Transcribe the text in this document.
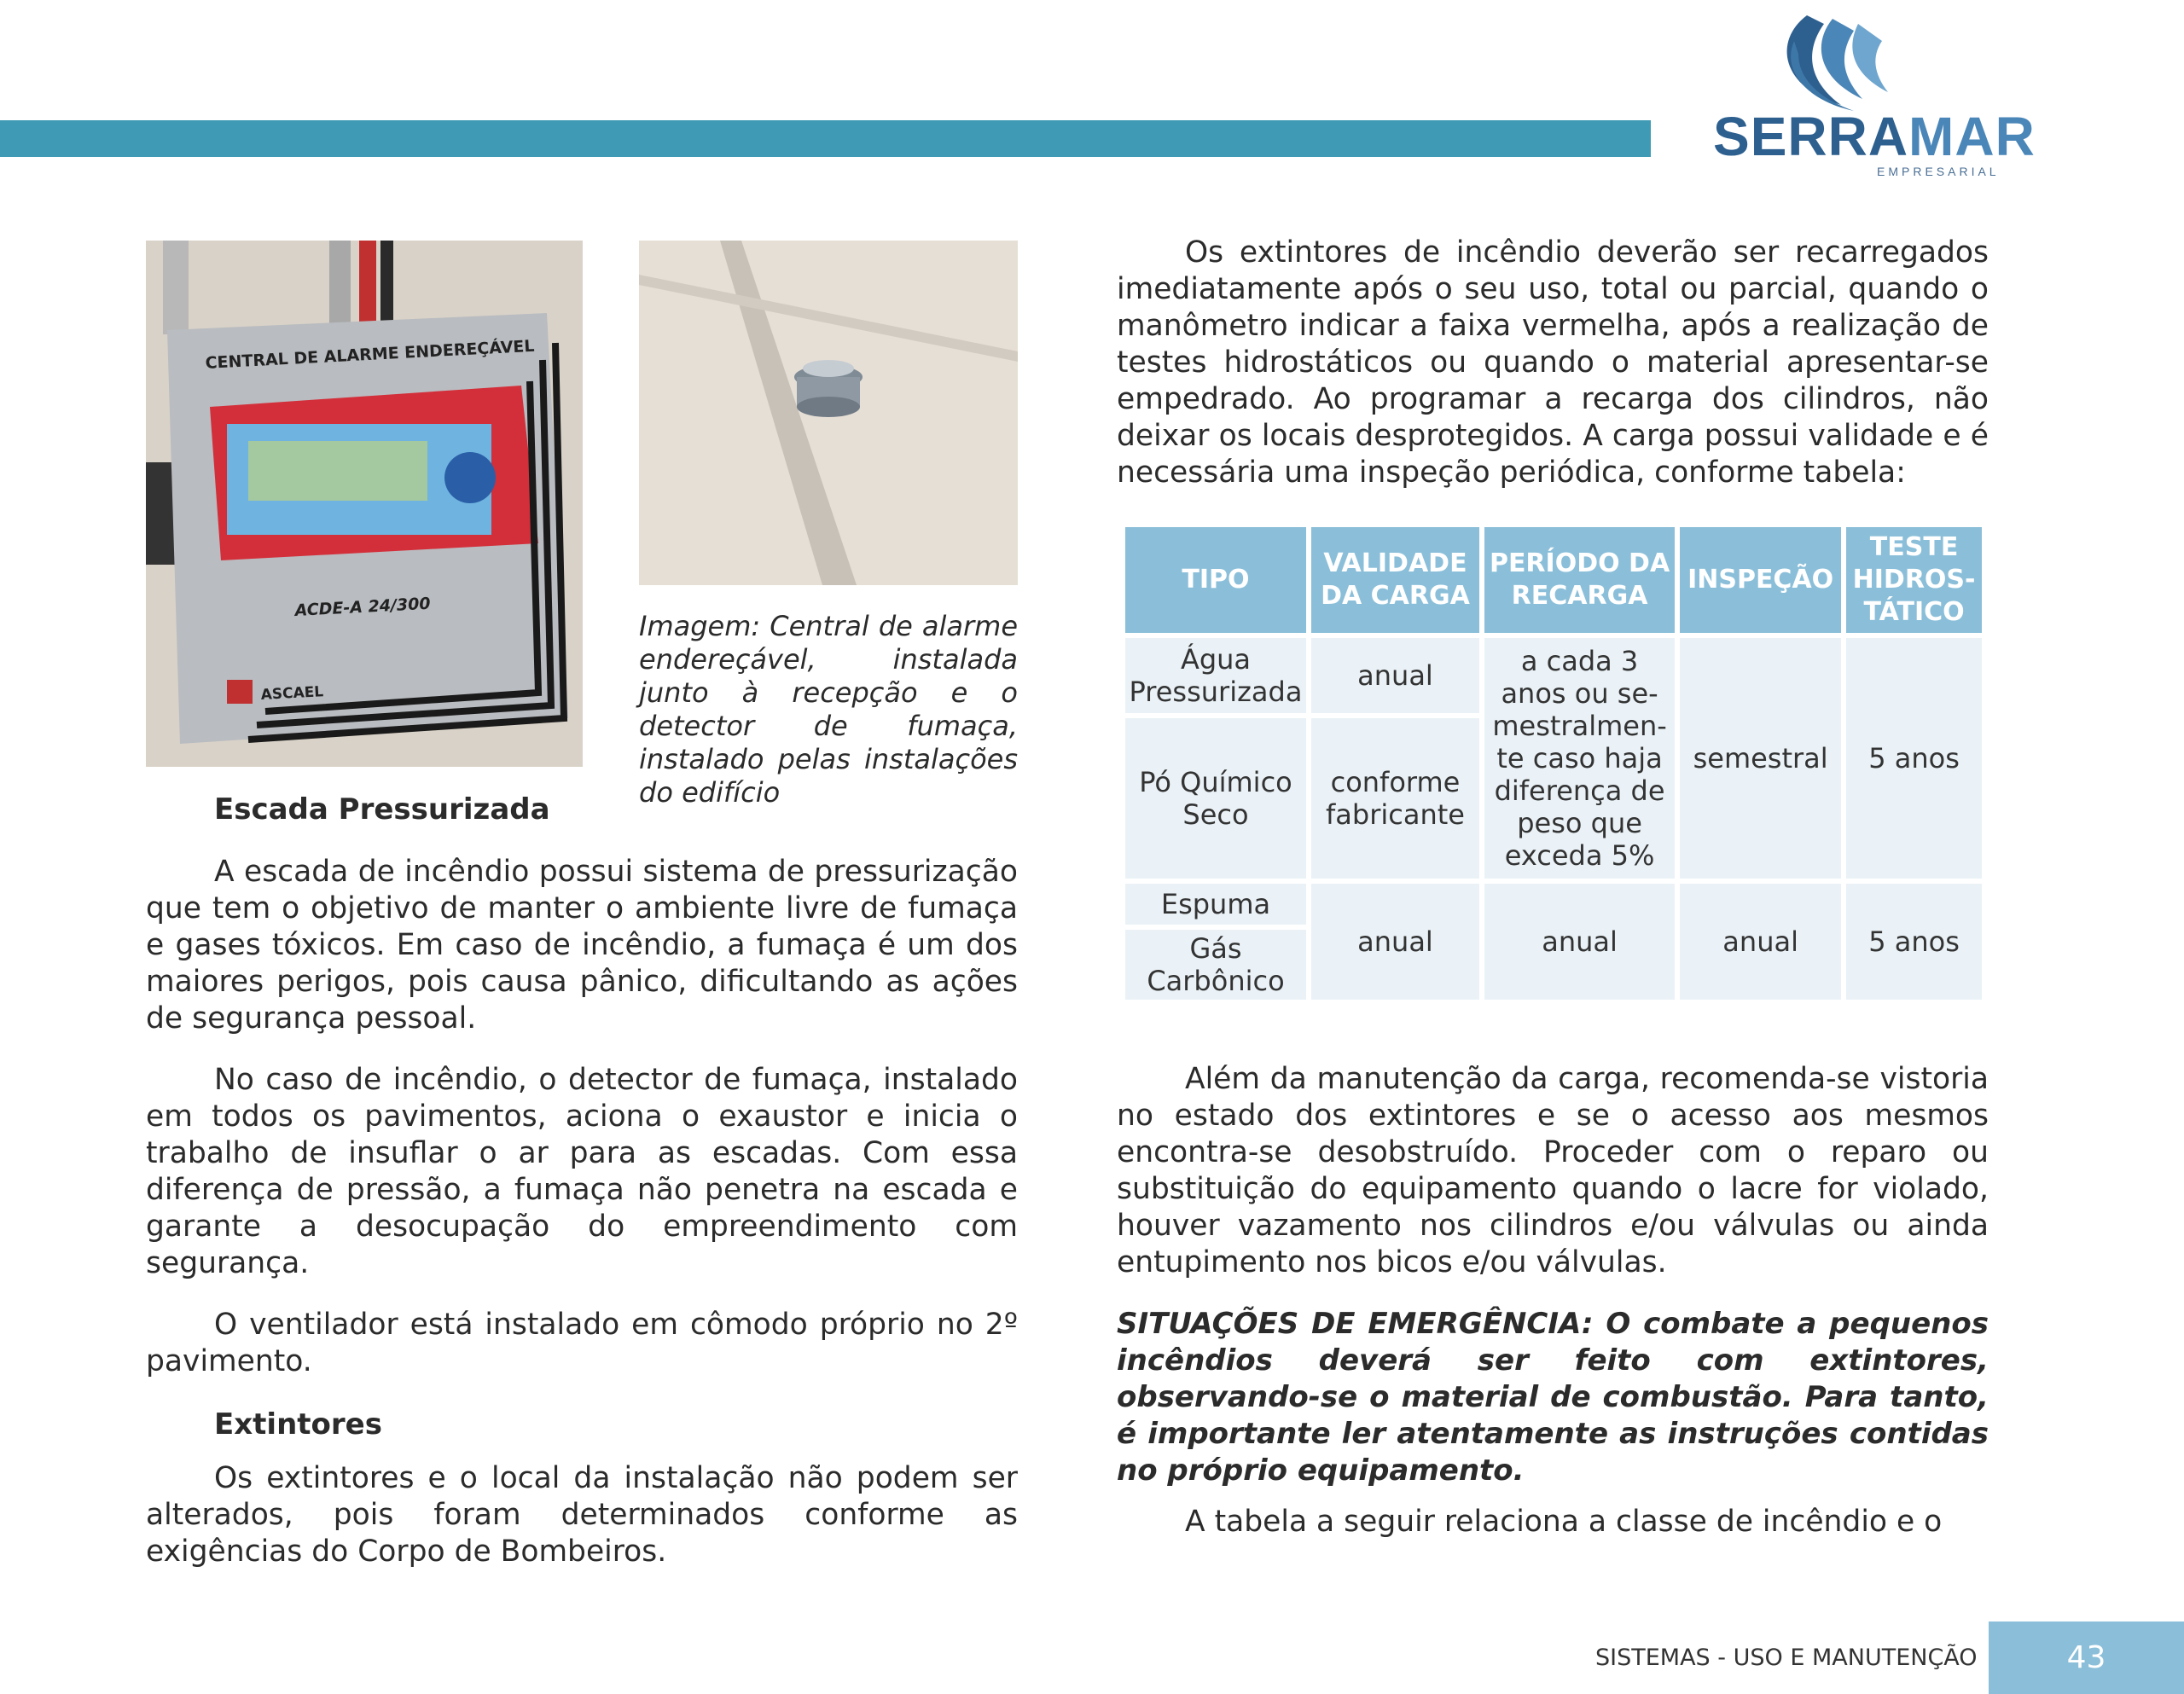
SERRAMAR
EMPRESARIAL
CENTRAL DE ALARME ENDEREÇÁVEL
ACDE-A 24/300
ASCAEL

Imagem: Central de alarme endereçável, instalada junto à recepção e o detector de fumaça, instalado pelas instalações do edifício

Escada Pressurizada

A escada de incêndio possui sistema de pressurização que tem o objetivo de manter o ambiente livre de fumaça e gases tóxicos. Em caso de incêndio, a fumaça é um dos maiores perigos, pois causa pânico, dificultando as ações de segurança pessoal.

No caso de incêndio, o detector de fumaça, instalado em todos os pavimentos, aciona o exaustor e inicia o trabalho de insuflar o ar para as escadas. Com essa diferença de pressão, a fumaça não penetra na escada e garante a desocupação do empreendimento com segurança.

O ventilador está instalado em cômodo próprio no 2º pavimento.

Extintores

Os extintores e o local da instalação não podem ser alterados, pois foram determinados conforme as exigências do Corpo de Bombeiros.

Os extintores de incêndio deverão ser recarregados imediatamente após o seu uso, total ou parcial, quando o manômetro indicar a faixa vermelha, após a realização de testes hidrostáticos ou quando o material apresentar-se empedrado. Ao programar a recarga dos cilindros, não deixar os locais desprotegidos. A carga possui validade e é necessária uma inspeção periódica, conforme tabela:

TIPO	VALIDADE DA CARGA	PERÍODO DA RECARGA	INSPEÇÃO	TESTE HIDROS-TÁTICO
Água Pressurizada	anual	a cada 3 anos ou se-mestralmen-te caso haja diferença de peso que exceda 5%	semestral	5 anos
Pó Químico Seco	conforme fabricante			
Espuma	anual	anual	anual	5 anos
Gás Carbônico				

Além da manutenção da carga, recomenda-se vistoria no estado dos extintores e se o acesso aos mesmos encontra-se desobstruído. Proceder com o reparo ou substituição do equipamento quando o lacre for violado, houver vazamento nos cilindros e/ou válvulas ou ainda entupimento nos bicos e/ou válvulas.

SITUAÇÕES DE EMERGÊNCIA: O combate a pequenos incêndios deverá ser feito com extintores, observando-se o material de combustão. Para tanto, é importante ler atentamente as instruções contidas no próprio equipamento.

A tabela a seguir relaciona a classe de incêndio e o

SISTEMAS - USO E MANUTENÇÃO	43
